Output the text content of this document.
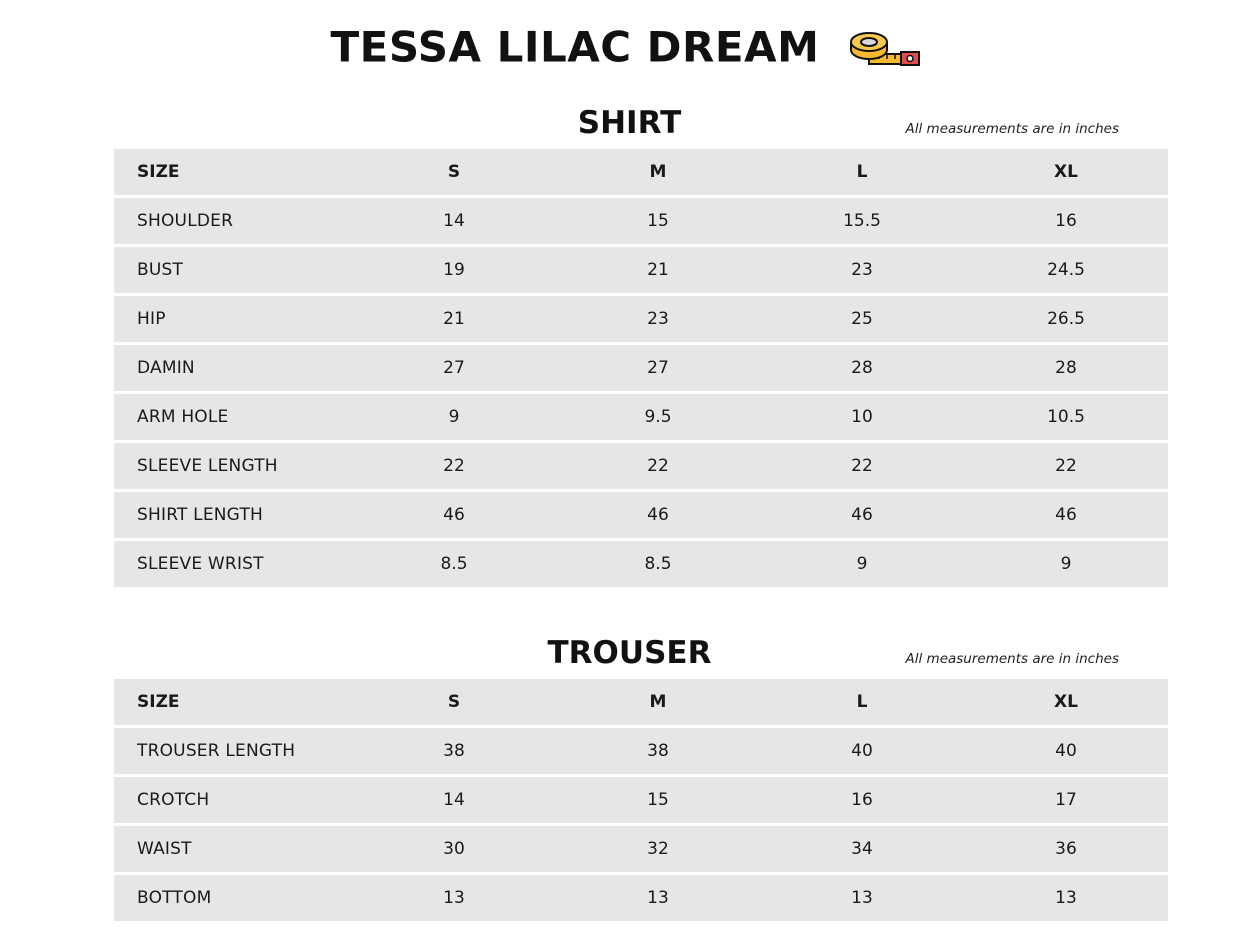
TESSA LILAC DREAM
SHIRT	All measurements are in inches
SIZE	S	M	L	XL
SHOULDER	14	15	15.5	16
BUST	19	21	23	24.5
HIP	21	23	25	26.5
DAMIN	27	27	28	28
ARM HOLE	9	9.5	10	10.5
SLEEVE LENGTH	22	22	22	22
SHIRT LENGTH	46	46	46	46
SLEEVE WRIST	8.5	8.5	9	9
TROUSER	All measurements are in inches
SIZE	S	M	L	XL
TROUSER LENGTH	38	38	40	40
CROTCH	14	15	16	17
WAIST	30	32	34	36
BOTTOM	13	13	13	13
